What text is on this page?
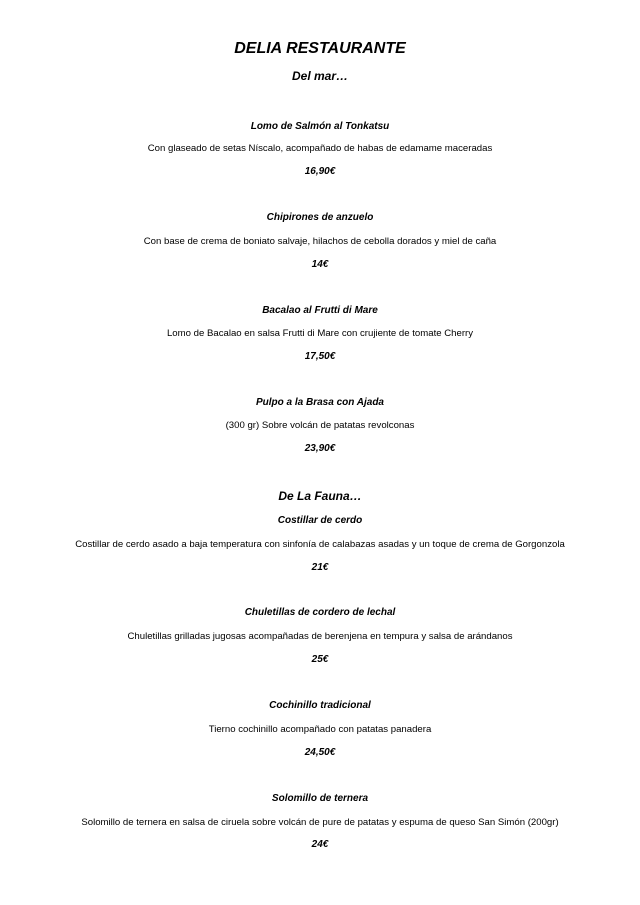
DELIA RESTAURANTE
Del mar…
Lomo de Salmón al Tonkatsu
Con glaseado de setas Níscalo, acompañado de habas de edamame maceradas
16,90€
Chipirones de anzuelo
Con base de crema de boniato salvaje, hilachos de cebolla dorados y miel de caña
14€
Bacalao al Frutti di Mare
Lomo de Bacalao en salsa Frutti di Mare con crujiente de tomate Cherry
17,50€
Pulpo a la Brasa con Ajada
(300 gr) Sobre volcán de patatas revolconas
23,90€
De La Fauna…
Costillar de cerdo
Costillar de cerdo asado a baja temperatura con sinfonía de calabazas asadas y un toque de crema de Gorgonzola
21€
Chuletillas de cordero de lechal
Chuletillas grilladas jugosas acompañadas de berenjena en tempura y salsa de arándanos
25€
Cochinillo tradicional
Tierno cochinillo acompañado con patatas panadera
24,50€
Solomillo de ternera
Solomillo de ternera en salsa de ciruela sobre volcán de pure de patatas y espuma de queso San Simón (200gr)
24€
